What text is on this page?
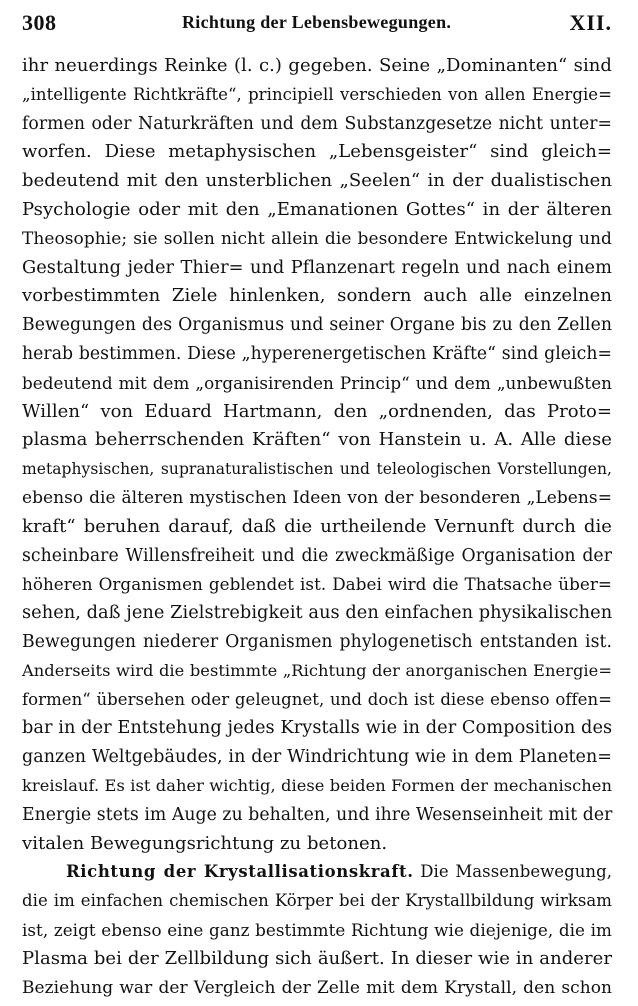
308	Richtung der Lebensbewegungen.	XII.
ihr neuerdings Reinke (l. c.) gegeben. Seine „Dominanten“ sind
„intelligente Richtkräfte“, principiell verschieden von allen Energie=
formen oder Naturkräften und dem Substanzgesetze nicht unter=
worfen. Diese metaphysischen „Lebensgeister“ sind gleich=
bedeutend mit den unsterblichen „Seelen“ in der dualistischen
Psychologie oder mit den „Emanationen Gottes“ in der älteren
Theosophie; sie sollen nicht allein die besondere Entwickelung und
Gestaltung jeder Thier= und Pflanzenart regeln und nach einem
vorbestimmten Ziele hinlenken, sondern auch alle einzelnen
Bewegungen des Organismus und seiner Organe bis zu den Zellen
herab bestimmen. Diese „hyperenergetischen Kräfte“ sind gleich=
bedeutend mit dem „organisirenden Princip“ und dem „unbewußten
Willen“ von Eduard Hartmann, den „ordnenden, das Proto=
plasma beherrschenden Kräften“ von Hanstein u. A. Alle diese
metaphysischen, supranaturalistischen und teleologischen Vorstellungen,
ebenso die älteren mystischen Ideen von der besonderen „Lebens=
kraft“ beruhen darauf, daß die urtheilende Vernunft durch die
scheinbare Willensfreiheit und die zweckmäßige Organisation der
höheren Organismen geblendet ist. Dabei wird die Thatsache über=
sehen, daß jene Zielstrebigkeit aus den einfachen physikalischen
Bewegungen niederer Organismen phylogenetisch entstanden ist.
Anderseits wird die bestimmte „Richtung der anorganischen Energie=
formen“ übersehen oder geleugnet, und doch ist diese ebenso offen=
bar in der Entstehung jedes Krystalls wie in der Composition des
ganzen Weltgebäudes, in der Windrichtung wie in dem Planeten=
kreislauf. Es ist daher wichtig, diese beiden Formen der mechanischen
Energie stets im Auge zu behalten, und ihre Wesenseinheit mit der
vitalen Bewegungsrichtung zu betonen.
Richtung der Krystallisationskraft. Die Massenbewegung,
die im einfachen chemischen Körper bei der Krystallbildung wirksam
ist, zeigt ebenso eine ganz bestimmte Richtung wie diejenige, die im
Plasma bei der Zellbildung sich äußert. In dieser wie in anderer
Beziehung war der Vergleich der Zelle mit dem Krystall, den schon
